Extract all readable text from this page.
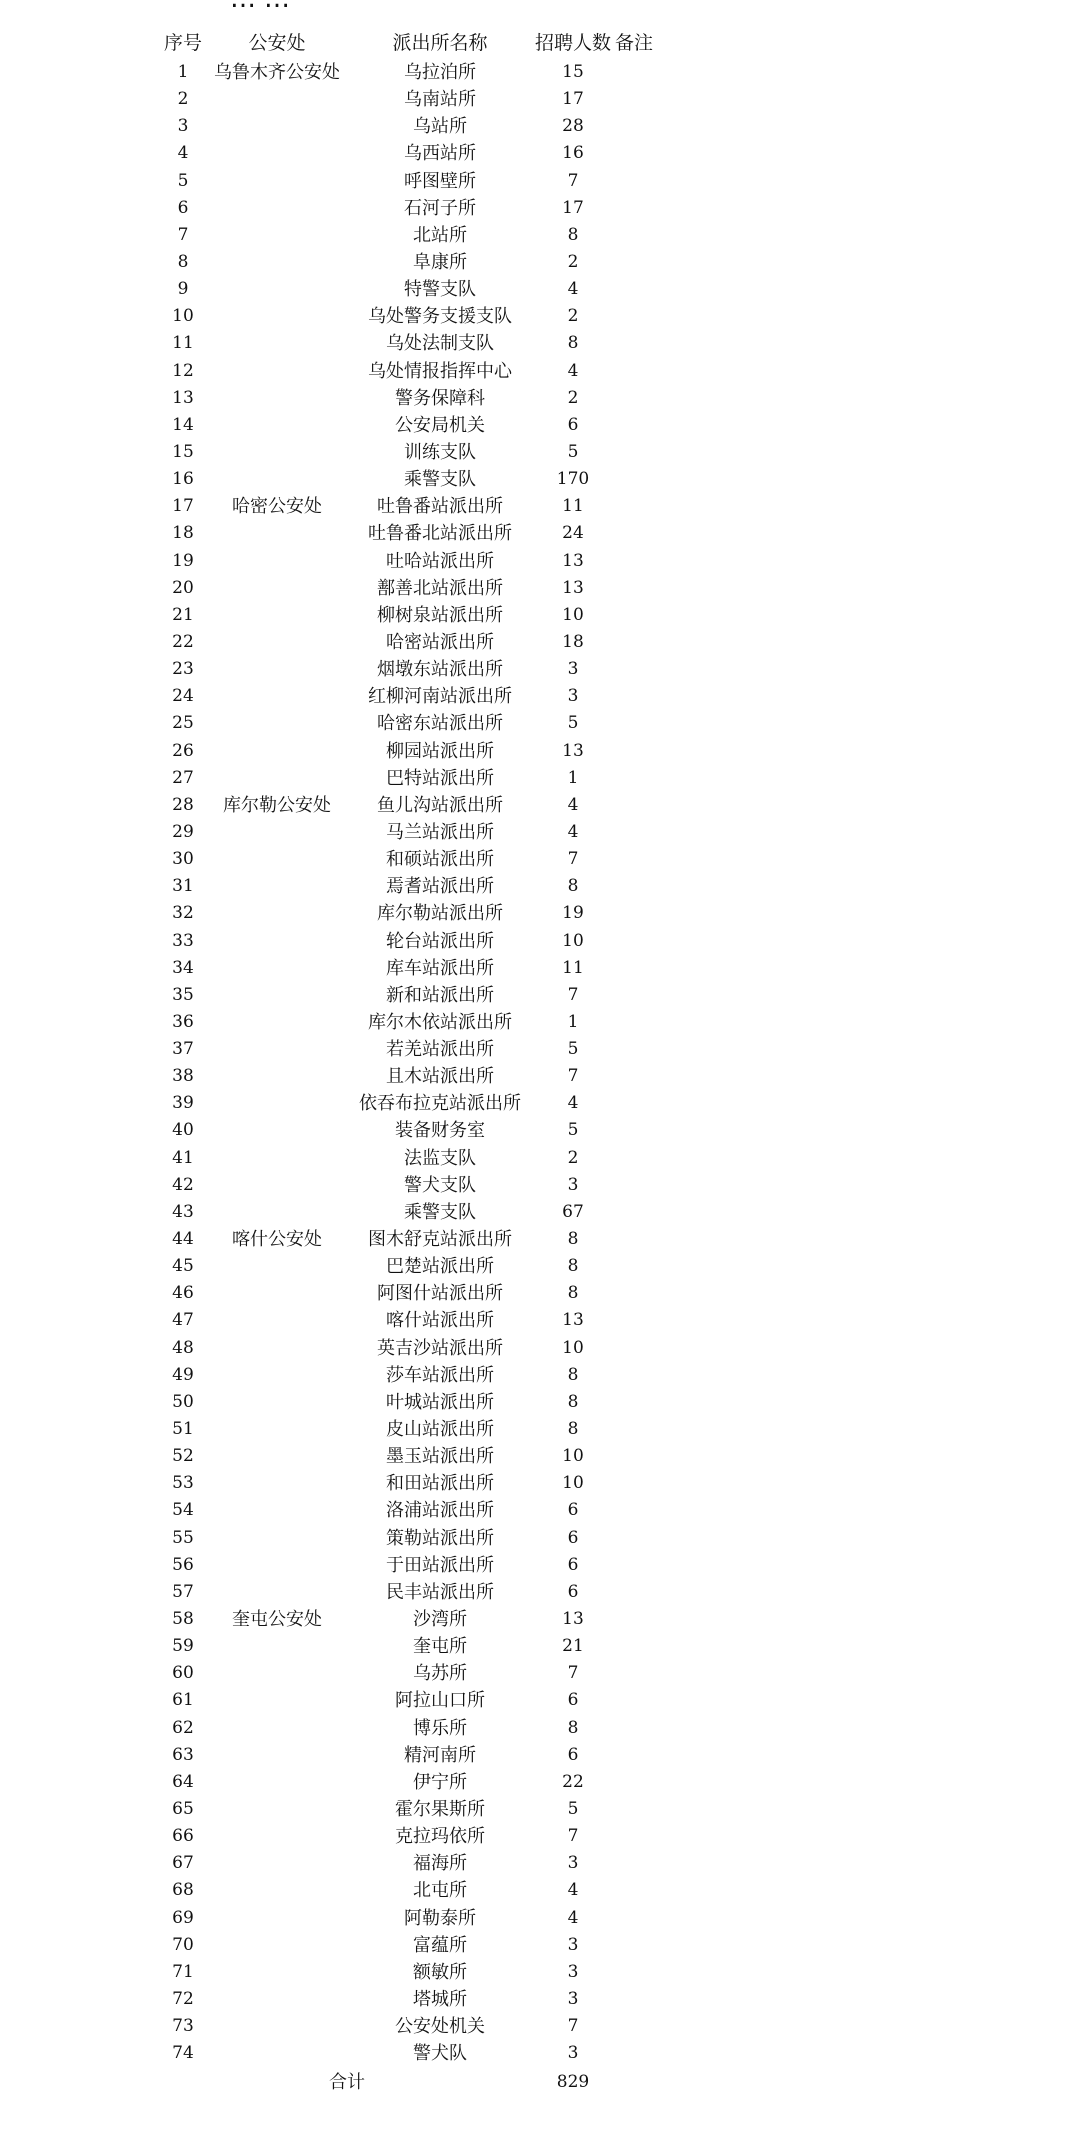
序号 公安处	派出所名称 招聘人数 备注
1 乌鲁木齐公安处	乌拉泊所	15
2	乌南站所	17
3	乌站所	28
4	乌西站所	16
5	呼图壁所	7
6	石河子所	17
7	北站所	8
8	阜康所	2
9	特警支队	4
10	乌处警务支援支队	2
11	乌处法制支队	8
12	乌处情报指挥中心	4
13	警务保障科	2
14	公安局机关	6
15	训练支队	5
16	乘警支队	170
17 哈密公安处	吐鲁番站派出所	11
18	吐鲁番北站派出所	24
19	吐哈站派出所	13
20	鄯善北站派出所	13
21	柳树泉站派出所	10
22	哈密站派出所	18
23	烟墩东站派出所	3
24	红柳河南站派出所	3
25	哈密东站派出所	5
26	柳园站派出所	13
27	巴特站派出所	1
28 库尔勒公安处	鱼儿沟站派出所	4
29	马兰站派出所	4
30	和硕站派出所	7
31	焉耆站派出所	8
32	库尔勒站派出所	19
33	轮台站派出所	10
34	库车站派出所	11
35	新和站派出所	7
36	库尔木依站派出所	1
37	若羌站派出所	5
38	且木站派出所	7
39	依吞布拉克站派出所	4
40	装备财务室	5
41	法监支队	2
42	警犬支队	3
43	乘警支队	67
44 喀什公安处	图木舒克站派出所	8
45	巴楚站派出所	8
46	阿图什站派出所	8
47	喀什站派出所	13
48	英吉沙站派出所	10
49	莎车站派出所	8
50	叶城站派出所	8
51	皮山站派出所	8
52	墨玉站派出所	10
53	和田站派出所	10
54	洛浦站派出所	6
55	策勒站派出所	6
56	于田站派出所	6
57	民丰站派出所	6
58 奎屯公安处	沙湾所	13
59	奎屯所	21
60	乌苏所	7
61	阿拉山口所	6
62	博乐所	8
63	精河南所	6
64	伊宁所	22
65	霍尔果斯所	5
66	克拉玛依所	7
67	福海所	3
68	北屯所	4
69	阿勒泰所	4
70	富蕴所	3
71	额敏所	3
72	塔城所	3
73	公安处机关	7
74	警犬队	3
合计	829
